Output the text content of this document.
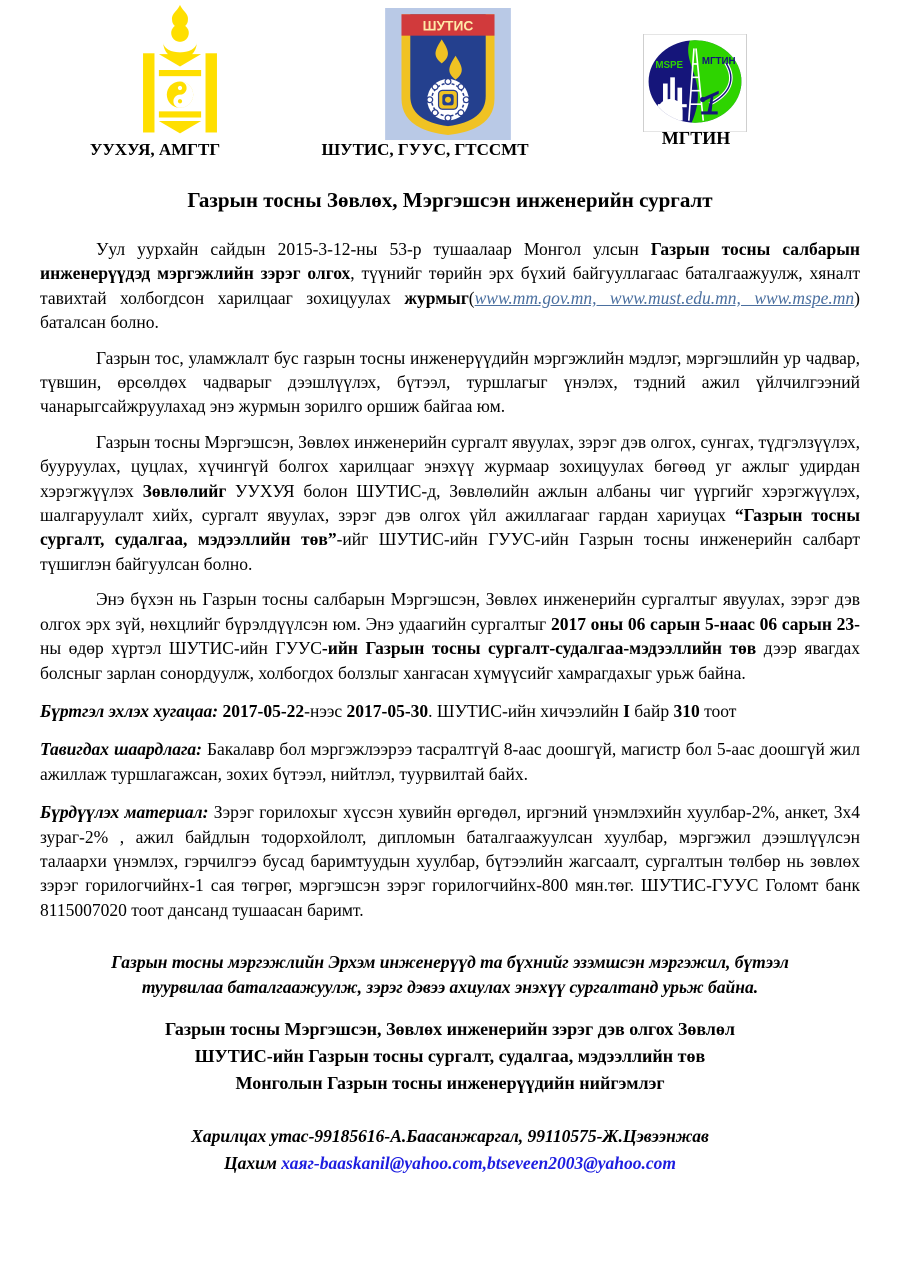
УУХУЯ, АМГТГ
ШУТИС
ШУТИС, ГУУС, ГТССМТ
MSPE МГТИН
МГТИН
Газрын тосны Зөвлөх, Мэргэшсэн инженерийн сургалт

Уул уурхайн сайдын 2015-3-12-ны 53-р тушаалаар Монгол улсын Газрын тосны салбарын инженерүүдэд мэргэжлийн зэрэг олгох, түүнийг төрийн эрх бүхий байгууллагаас баталгаажуулж, хяналт тавихтай холбогдсон харилцааг зохицуулах журмыг(www.mm.gov.mn, www.must.edu.mn, www.mspe.mn) баталсан болно.

Газрын тос, уламжлалт бус газрын тосны инженерүүдийн мэргэжлийн мэдлэг, мэргэшлийн ур чадвар, түвшин, өрсөлдөх чадварыг дээшлүүлэх, бүтээл, туршлагыг үнэлэх, тэдний ажил үйлчилгээний чанарыгсайжруулахад энэ журмын зорилго оршиж байгаа юм.

Газрын тосны Мэргэшсэн, Зөвлөх инженерийн сургалт явуулах, зэрэг дэв олгох, сунгах, түдгэлзүүлэх, бууруулах, цуцлах, хүчингүй болгох харилцааг энэхүү журмаар зохицуулах бөгөөд уг ажлыг удирдан хэрэгжүүлэх Зөвлөлийг УУХУЯ болон ШУТИС-д, Зөвлөлийн ажлын албаны чиг үүргийг хэрэгжүүлэх, шалгаруулалт хийх, сургалт явуулах, зэрэг дэв олгох үйл ажиллагааг гардан хариуцах “Газрын тосны сургалт, судалгаа, мэдээллийн төв”-ийг ШУТИС-ийн ГУУС-ийн Газрын тосны инженерийн салбарт түшиглэн байгуулсан болно.

Энэ бүхэн нь Газрын тосны салбарын Мэргэшсэн, Зөвлөх инженерийн сургалтыг явуулах, зэрэг дэв олгох эрх зүй, нөхцлийг бүрэлдүүлсэн юм. Энэ удаагийн сургалтыг 2017 оны 06 сарын 5-наас 06 сарын 23-ны өдөр хүртэл ШУТИС-ийн ГУУС-ийн Газрын тосны сургалт-судалгаа-мэдээллийн төв дээр явагдах болсныг зарлан сонордуулж, холбогдох болзлыг хангасан хүмүүсийг хамрагдахыг урьж байна.

Бүртгэл эхлэх хугацаа: 2017-05-22-нээс 2017-05-30. ШУТИС-ийн хичээлийн I байр 310 тоот

Тавигдах шаардлага: Бакалавр бол мэргэжлээрээ тасралтгүй 8-аас доошгүй, магистр бол 5-аас доошгүй жил ажиллаж туршлагажсан, зохих бүтээл, нийтлэл, туурвилтай байх.

Бүрдүүлэх материал: Зэрэг горилохыг хүссэн хувийн өргөдөл, иргэний үнэмлэхийн хуулбар-2%, анкет, 3х4 зураг-2% , ажил байдлын тодорхойлолт, дипломын баталгаажуулсан хуулбар, мэргэжил дээшлүүлсэн талаархи үнэмлэх, гэрчилгээ бусад баримтуудын хуулбар, бүтээлийн жагсаалт, сургалтын төлбөр нь зөвлөх зэрэг горилогчийнх-1 сая төгрөг, мэргэшсэн зэрэг горилогчийнх-800 мян.төг. ШУТИС-ГУУС Голомт банк 8115007020 тоот дансанд тушаасан баримт.

Газрын тосны мэргэжлийн Эрхэм инженерүүд та бүхнийг эзэмшсэн мэргэжил, бүтээл туурвилаа баталгаажуулж, зэрэг дэвээ ахиулах энэхүү сургалтанд урьж байна.

Газрын тосны Мэргэшсэн, Зөвлөх инженерийн зэрэг дэв олгох Зөвлөл
ШУТИС-ийн Газрын тосны сургалт, судалгаа, мэдээллийн төв
Монголын Газрын тосны инженерүүдийн нийгэмлэг
Харилцах утас-99185616-А.Баасанжаргал, 99110575-Ж.Цэвээнжав
Цахим хаяг-baaskanil@yahoo.com,btseveen2003@yahoo.com
